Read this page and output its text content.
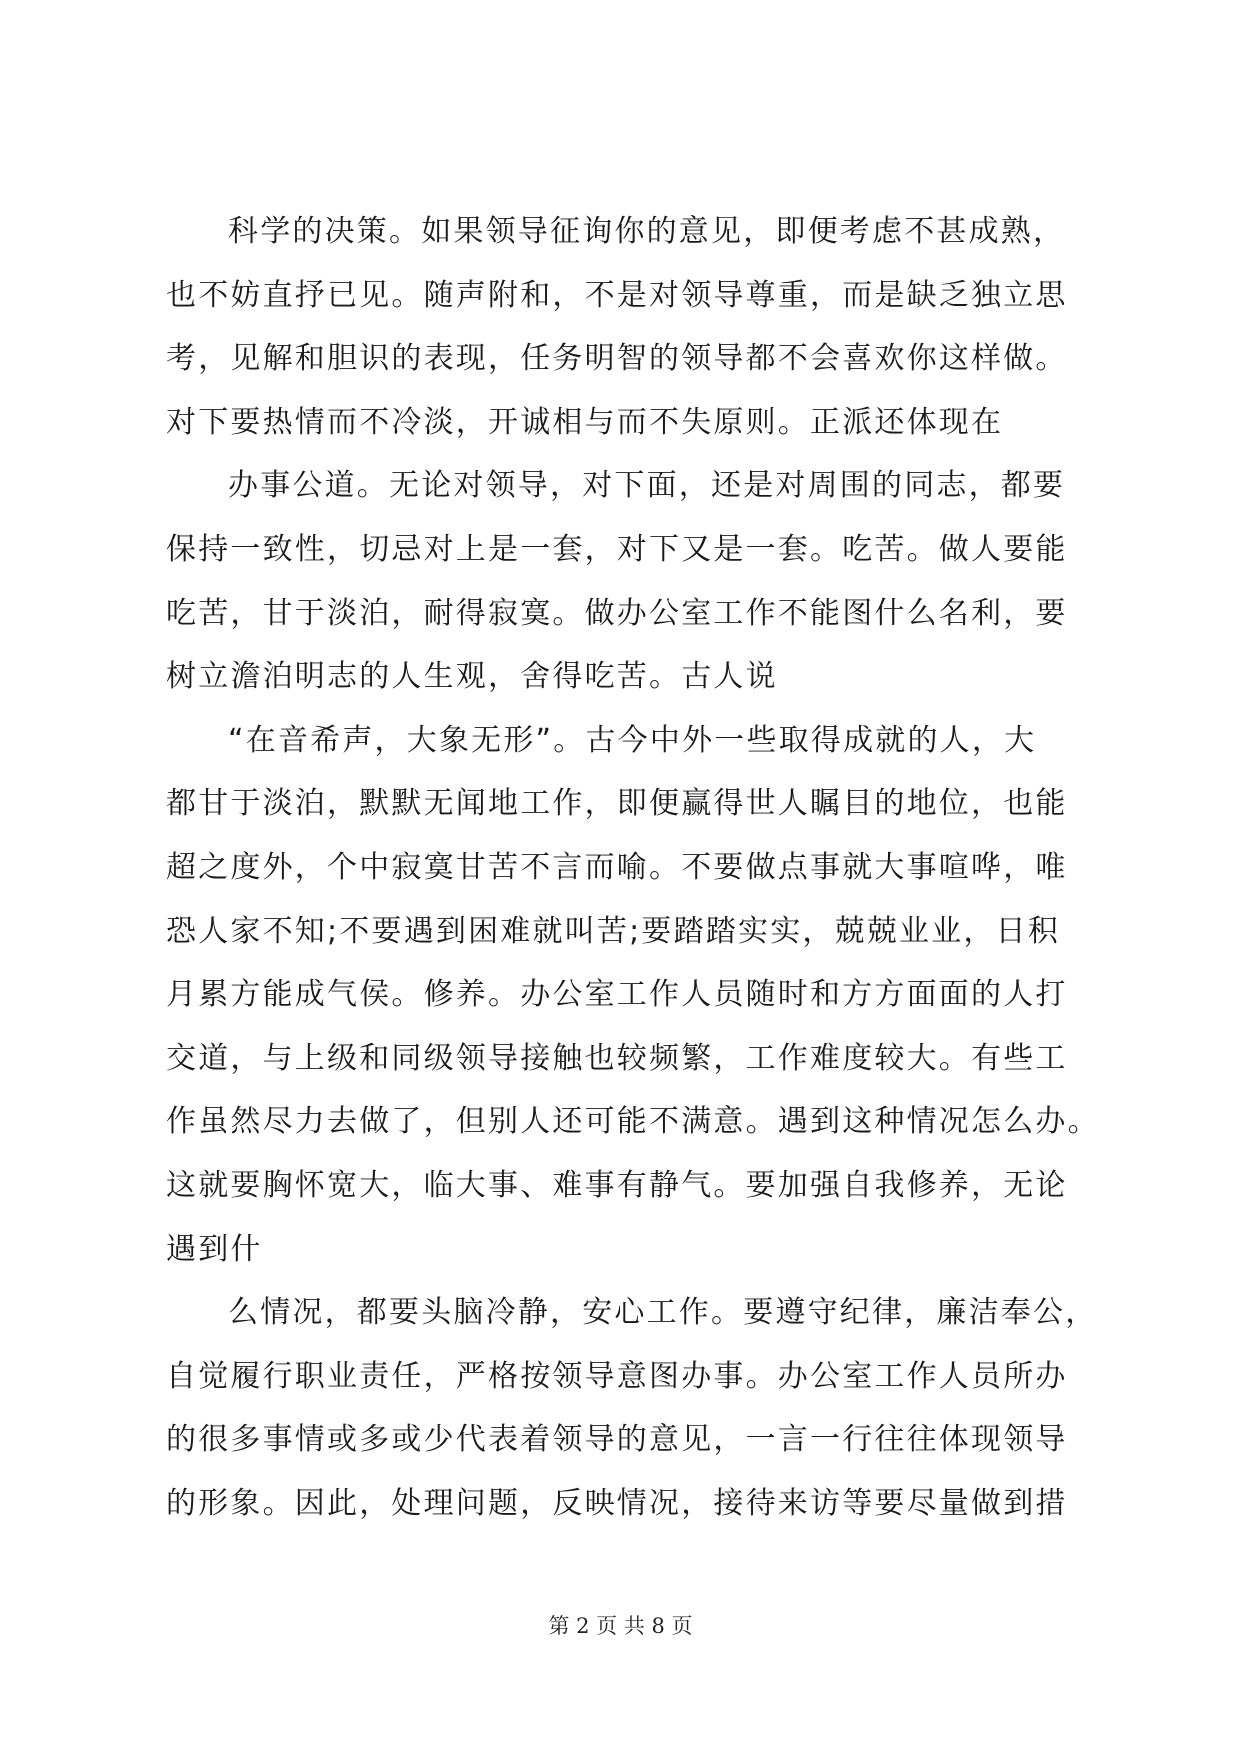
科学的决策。如果领导征询你的意见，即便考虑不甚成熟，
也不妨直抒已见。随声附和，不是对领导尊重，而是缺乏独立思
考，见解和胆识的表现，任务明智的领导都不会喜欢你这样做。
对下要热情而不冷淡，开诚相与而不失原则。正派还体现在
办事公道。无论对领导，对下面，还是对周围的同志，都要
保持一致性，切忌对上是一套，对下又是一套。吃苦。做人要能
吃苦，甘于淡泊，耐得寂寞。做办公室工作不能图什么名利，要
树立澹泊明志的人生观，舍得吃苦。古人说
“在音希声，大象无形”。古今中外一些取得成就的人，大
都甘于淡泊，默默无闻地工作，即便赢得世人瞩目的地位，也能
超之度外，个中寂寞甘苦不言而喻。不要做点事就大事喧哗，唯
恐人家不知;不要遇到困难就叫苦;要踏踏实实，兢兢业业，日积
月累方能成气侯。修养。办公室工作人员随时和方方面面的人打
交道，与上级和同级领导接触也较频繁，工作难度较大。有些工
作虽然尽力去做了，但别人还可能不满意。遇到这种情况怎么办。
这就要胸怀宽大，临大事、难事有静气。要加强自我修养，无论
遇到什
么情况，都要头脑冷静，安心工作。要遵守纪律，廉洁奉公，
自觉履行职业责任，严格按领导意图办事。办公室工作人员所办
的很多事情或多或少代表着领导的意见，一言一行往往体现领导
的形象。因此，处理问题，反映情况，接待来访等要尽量做到措
第 2 页 共 8 页
